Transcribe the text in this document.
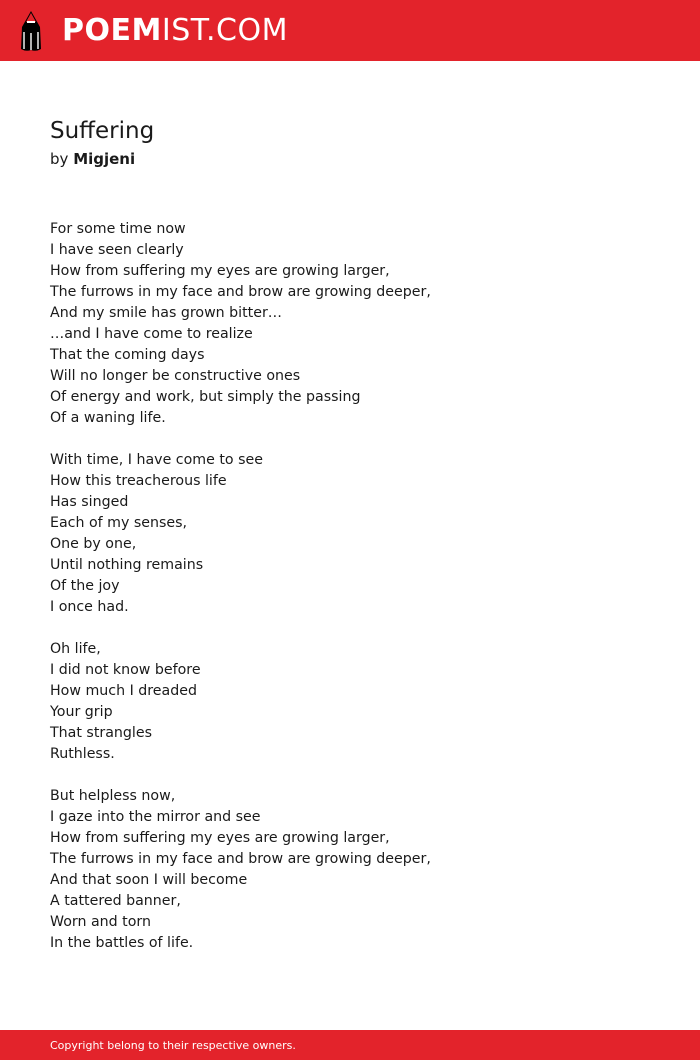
POEMIST.COM
Suffering
by Migjeni
For some time now
I have seen clearly
How from suffering my eyes are growing larger,
The furrows in my face and brow are growing deeper,
And my smile has grown bitter…
…and I have come to realize
That the coming days
Will no longer be constructive ones
Of energy and work, but simply the passing
Of a waning life.
With time, I have come to see
How this treacherous life
Has singed
Each of my senses,
One by one,
Until nothing remains
Of the joy
I once had.
Oh life,
I did not know before
How much I dreaded
Your grip
That strangles
Ruthless.
But helpless now,
I gaze into the mirror and see
How from suffering my eyes are growing larger,
The furrows in my face and brow are growing deeper,
And that soon I will become
A tattered banner,
Worn and torn
In the battles of life.
Copyright belong to their respective owners.
